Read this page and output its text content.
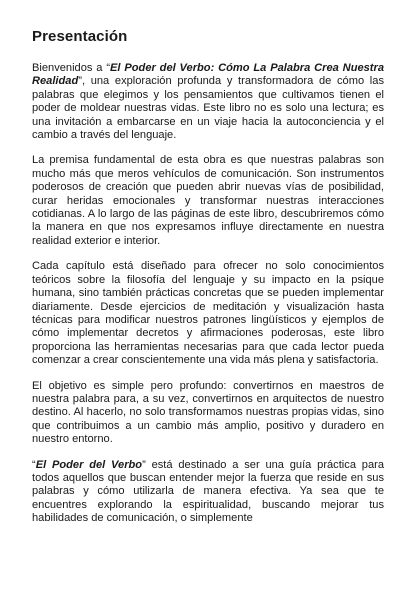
Presentación

Bienvenidos a “El Poder del Verbo: Cómo La Palabra Crea Nuestra Realidad”, una exploración profunda y transformadora de cómo las palabras que elegimos y los pensamientos que cultivamos tienen el poder de moldear nuestras vidas. Este libro no es solo una lectura; es una invitación a embarcarse en un viaje hacia la autoconciencia y el cambio a través del lenguaje.

La premisa fundamental de esta obra es que nuestras palabras son mucho más que meros vehículos de comunicación. Son instrumentos poderosos de creación que pueden abrir nuevas vías de posibilidad, curar heridas emocionales y transformar nuestras interacciones cotidianas. A lo largo de las páginas de este libro, descubriremos cómo la manera en que nos expresamos influye directamente en nuestra realidad exterior e interior.

Cada capítulo está diseñado para ofrecer no solo conocimientos teóricos sobre la filosofía del lenguaje y su impacto en la psique humana, sino también prácticas concretas que se pueden implementar diariamente. Desde ejercicios de meditación y visualización hasta técnicas para modificar nuestros patrones lingüísticos y ejemplos de cómo implementar decretos y afirmaciones poderosas, este libro proporciona las herramientas necesarias para que cada lector pueda comenzar a crear conscientemente una vida más plena y satisfactoria.

El objetivo es simple pero profundo: convertirnos en maestros de nuestra palabra para, a su vez, convertirnos en arquitectos de nuestro destino. Al hacerlo, no solo transformamos nuestras propias vidas, sino que contribuimos a un cambio más amplio, positivo y duradero en nuestro entorno.

“El Poder del Verbo” está destinado a ser una guía práctica para todos aquellos que buscan entender mejor la fuerza que reside en sus palabras y cómo utilizarla de manera efectiva. Ya sea que te encuentres explorando la espiritualidad, buscando mejorar tus habilidades de comunicación, o simplemente
